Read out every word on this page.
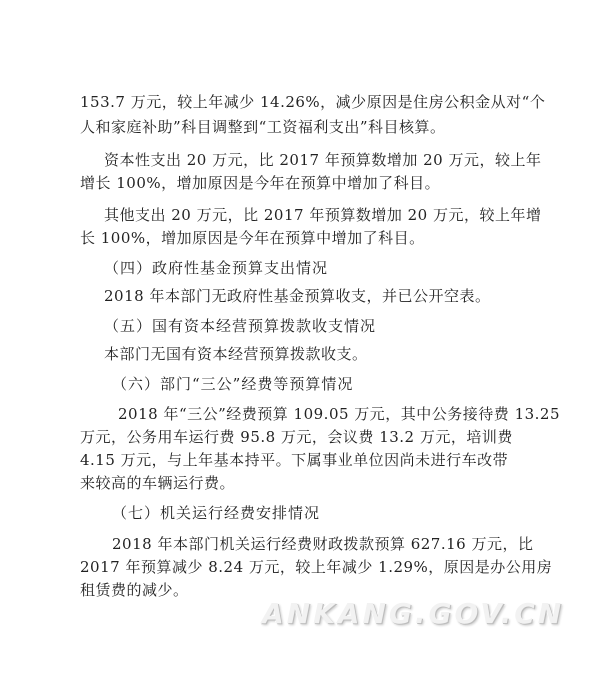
153.7 万元，较上年减少 14.26%，减少原因是住房公积金从对“个
人和家庭补助”科目调整到“工资福利支出”科目核算。
资本性支出 20 万元，比 2017 年预算数增加 20 万元，较上年
增长 100%，增加原因是今年在预算中增加了科目。
其他支出 20 万元，比 2017 年预算数增加 20 万元，较上年增
长 100%，增加原因是今年在预算中增加了科目。
（四）政府性基金预算支出情况
2018 年本部门无政府性基金预算收支，并已公开空表。
（五）国有资本经营预算拨款收支情况
本部门无国有资本经营预算拨款收支。
（六）部门“三公”经费等预算情况
2018 年“三公”经费预算 109.05 万元，其中公务接待费 13.25
万元，公务用车运行费 95.8 万元，会议费 13.2 万元，培训费
4.15 万元，与上年基本持平。下属事业单位因尚未进行车改带
来较高的车辆运行费。
（七）机关运行经费安排情况
2018 年本部门机关运行经费财政拨款预算 627.16 万元，比
2017 年预算减少 8.24 万元，较上年减少 1.29%，原因是办公用房
租赁费的减少。
ANKANG.GOV.CN
